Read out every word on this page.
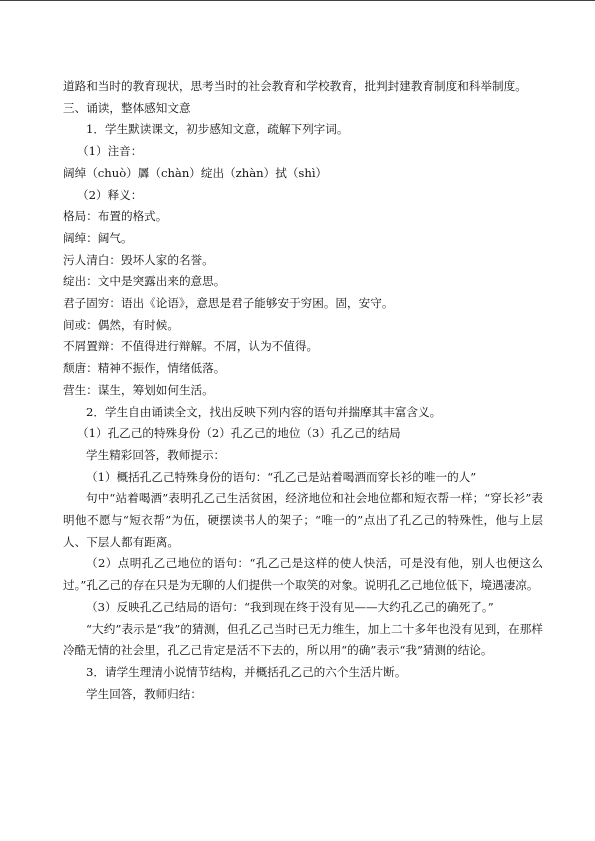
道路和当时的教育现状，思考当时的社会教育和学校教育，批判封建教育制度和科举制度。

三、诵读，整体感知文意

1．学生默读课文，初步感知文意，疏解下列字词。

（1）注音：

阔绰（chuò）羼（chàn）绽出（zhàn）拭（shì）

（2）释义：

格局：布置的格式。

阔绰：阔气。

污人清白：毁坏人家的名誉。

绽出：文中是突露出来的意思。

君子固穷：语出《论语》，意思是君子能够安于穷困。固，安守。

间或：偶然，有时候。

不屑置辩：不值得进行辩解。不屑，认为不值得。

颓唐：精神不振作，情绪低落。

营生：谋生，筹划如何生活。

2．学生自由诵读全文，找出反映下列内容的语句并揣摩其丰富含义。

（1）孔乙己的特殊身份（2）孔乙己的地位（3）孔乙己的结局

学生精彩回答，教师提示：

（1）概括孔乙己特殊身份的语句：“孔乙己是站着喝酒而穿长衫的唯一的人”

句中“站着喝酒”表明孔乙己生活贫困，经济地位和社会地位都和短衣帮一样；“穿长衫”表明他不愿与“短衣帮”为伍，硬摆读书人的架子；“唯一的”点出了孔乙己的特殊性，他与上层人、下层人都有距离。

（2）点明孔乙己地位的语句：“孔乙己是这样的使人快活，可是没有他，别人也便这么过。”孔乙己的存在只是为无聊的人们提供一个取笑的对象。说明孔乙己地位低下，境遇凄凉。

（3）反映孔乙己结局的语句：“我到现在终于没有见——大约孔乙己的确死了。”

“大约”表示是“我”的猜测，但孔乙己当时已无力维生，加上二十多年也没有见到，在那样冷酷无情的社会里，孔乙己肯定是活不下去的，所以用“的确”表示“我”猜测的结论。

3．请学生理清小说情节结构，并概括孔乙己的六个生活片断。

学生回答，教师归结：
